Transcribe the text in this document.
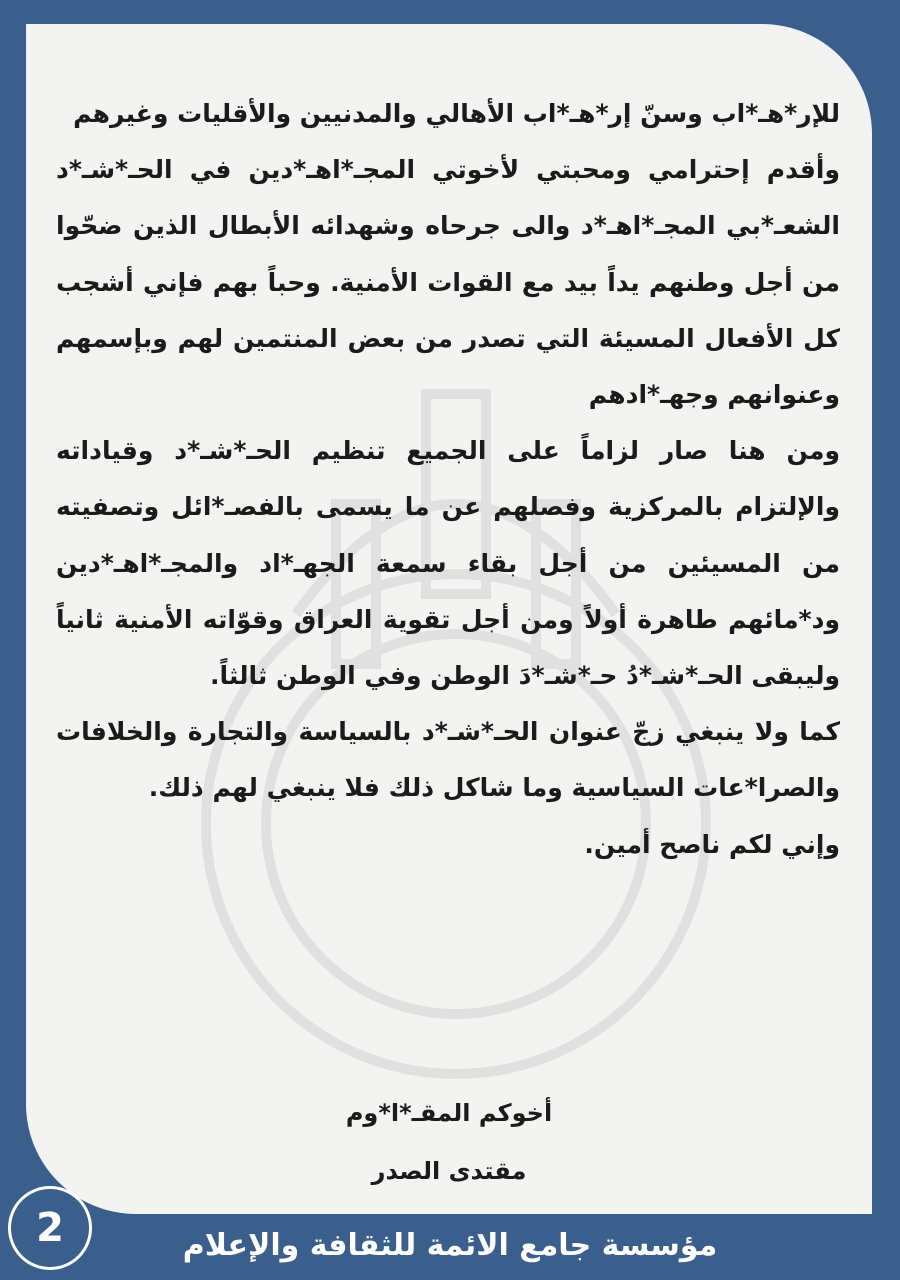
للإر*هـ*اب وسنّ إر*هـ*اب الأهالي والمدنيين والأقليات وغيرهم

وأقدم إحترامي ومحبتي لأخوتي المجـ*اهـ*دين في الحـ*شـ*د الشعـ*بي المجـ*اهـ*د والى جرحاه وشهدائه الأبطال الذين ضحّوا من أجل وطنهم يداً بيد مع القوات الأمنية. وحباً بهم فإني أشجب كل الأفعال المسيئة التي تصدر من بعض المنتمين لهم وبإسمهم وعنوانهم وجهـ*ادهم

ومن هنا صار لزاماً على الجميع تنظيم الحـ*شـ*د وقياداته والإلتزام بالمركزية وفصلهم عن ما يسمى بالفصـ*ائل وتصفيته من المسيئين من أجل بقاء سمعة الجهـ*اد والمجـ*اهـ*دين ود*مائهم طاهرة أولاً ومن أجل تقوية العراق وقوّاته الأمنية ثانياً وليبقى الحـ*شـ*دُ حـ*شـ*دَ الوطن وفي الوطن ثالثاً.

كما ولا ينبغي زجّ عنوان الحـ*شـ*د بالسياسة والتجارة والخلافات والصرا*عات السياسية وما شاكل ذلك فلا ينبغي لهم ذلك.

وإني لكم ناصح أمين.

أخوكم المقـ*ا*وم
مقتدى الصدر
2	مؤسسة جامع الائمة للثقافة والإعلام
